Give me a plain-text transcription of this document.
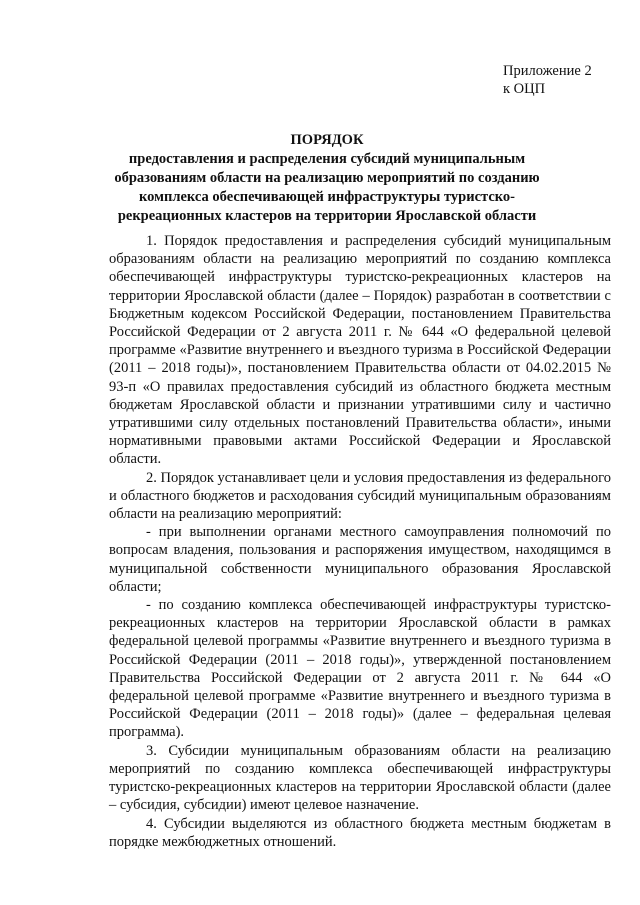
Приложение 2
к ОЦП
ПОРЯДОК
предоставления и распределения субсидий муниципальным образованиям области на реализацию мероприятий по созданию комплекса обеспечивающей инфраструктуры туристско-рекреационных кластеров на территории Ярославской области

1. Порядок предоставления и распределения субсидий муниципальным образованиям области на реализацию мероприятий по созданию комплекса обеспечивающей инфраструктуры туристско-рекреационных кластеров на территории Ярославской области (далее – Порядок) разработан в соответствии с Бюджетным кодексом Российской Федерации, постановлением Правительства Российской Федерации от 2 августа 2011 г. № 644 «О федеральной целевой программе «Развитие внутреннего и въездного туризма в Российской Федерации (2011 – 2018 годы)», постановлением Правительства области от 04.02.2015 № 93-п «О правилах предоставления субсидий из областного бюджета местным бюджетам Ярославской области и признании утратившими силу и частично утратившими силу отдельных постановлений Правительства области», иными нормативными правовыми актами Российской Федерации и Ярославской области.

2. Порядок устанавливает цели и условия предоставления из федерального и областного бюджетов и расходования субсидий муниципальным образованиям области на реализацию мероприятий:

- при выполнении органами местного самоуправления полномочий по вопросам владения, пользования и распоряжения имуществом, находящимся в муниципальной собственности муниципального образования Ярославской области;

- по созданию комплекса обеспечивающей инфраструктуры туристско-рекреационных кластеров на территории Ярославской области в рамках федеральной целевой программы «Развитие внутреннего и въездного туризма в Российской Федерации (2011 – 2018 годы)», утвержденной постановлением Правительства Российской Федерации от 2 августа 2011 г. № 644 «О федеральной целевой программе «Развитие внутреннего и въездного туризма в Российской Федерации (2011 – 2018 годы)» (далее – федеральная целевая программа).

3. Субсидии муниципальным образованиям области на реализацию мероприятий по созданию комплекса обеспечивающей инфраструктуры туристско-рекреационных кластеров на территории Ярославской области (далее – субсидия, субсидии) имеют целевое назначение.

4. Субсидии выделяются из областного бюджета местным бюджетам в порядке межбюджетных отношений.
